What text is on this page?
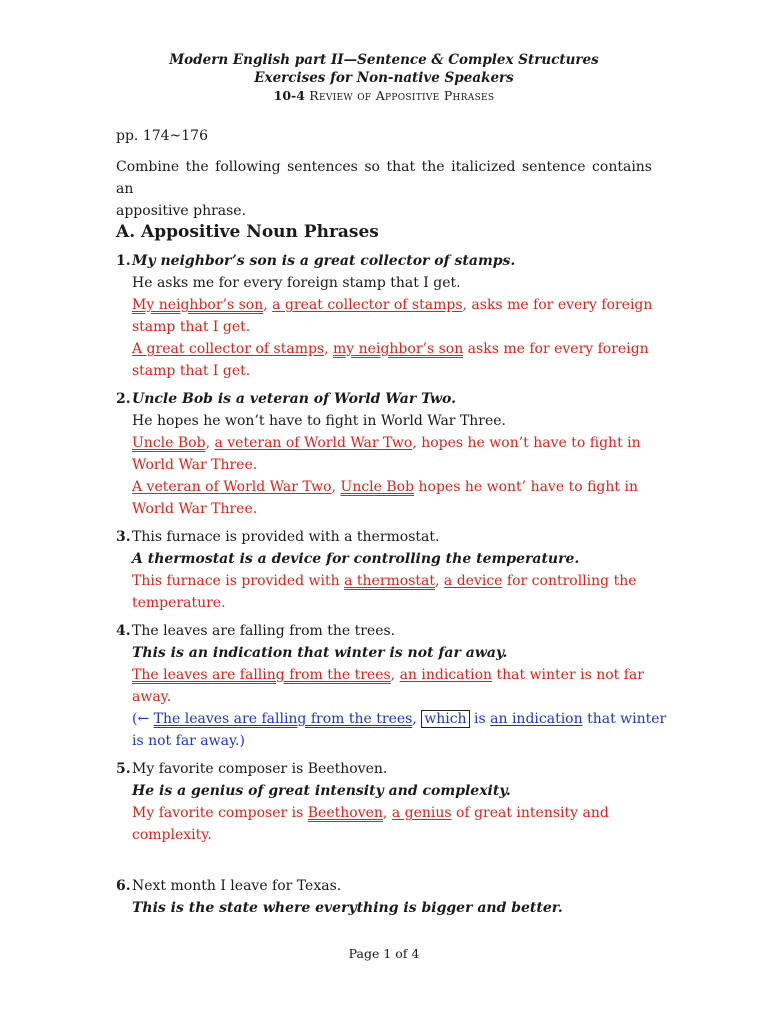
Modern English part II—Sentence & Complex Structures
Exercises for Non-native Speakers
10-4 Review of Appositive Phrases
pp. 174~176
Combine the following sentences so that the italicized sentence contains an
appositive phrase.
A. Appositive Noun Phrases
1. My neighbor’s son is a great collector of stamps.
He asks me for every foreign stamp that I get.
My neighbor’s son, a great collector of stamps, asks me for every foreign
stamp that I get.
A great collector of stamps, my neighbor’s son asks me for every foreign
stamp that I get.
2. Uncle Bob is a veteran of World War Two.
He hopes he won’t have to fight in World War Three.
Uncle Bob, a veteran of World War Two, hopes he won’t have to fight in
World War Three.
A veteran of World War Two, Uncle Bob hopes he wont’ have to fight in
World War Three.
3. This furnace is provided with a thermostat.
A thermostat is a device for controlling the temperature.
This furnace is provided with a thermostat, a device for controlling the
temperature.
4. The leaves are falling from the trees.
This is an indication that winter is not far away.
The leaves are falling from the trees, an indication that winter is not far
away.
(← The leaves are falling from the trees, which is an indication that winter
is not far away.)
5. My favorite composer is Beethoven.
He is a genius of great intensity and complexity.
My favorite composer is Beethoven, a genius of great intensity and
complexity.
6. Next month I leave for Texas.
This is the state where everything is bigger and better.
Page 1 of 4
